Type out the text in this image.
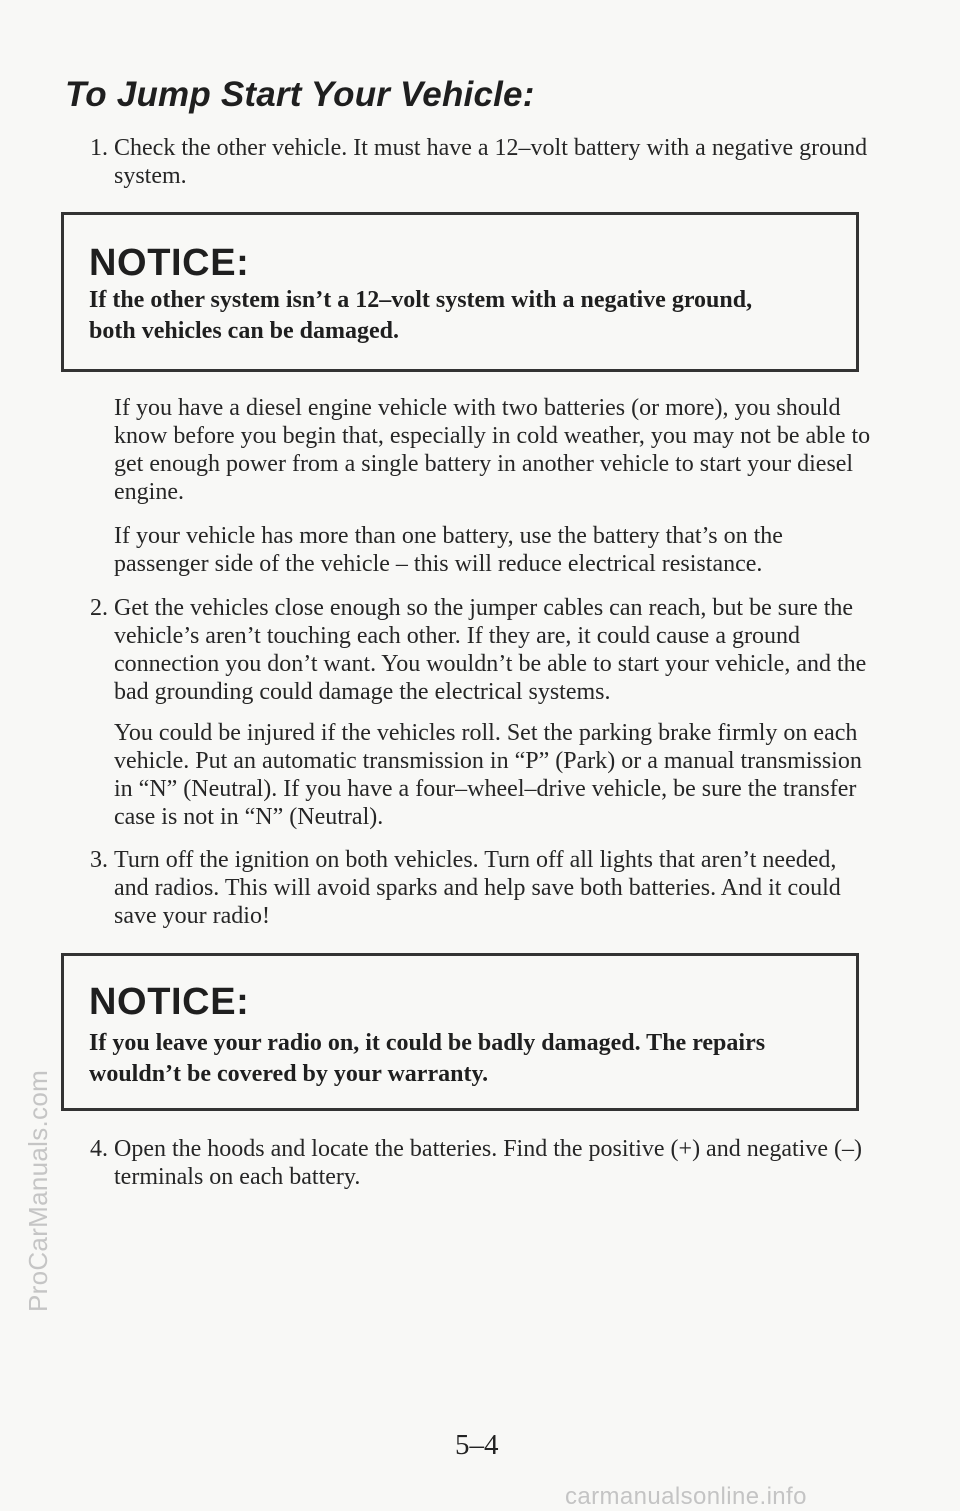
ProCarManuals.com
To Jump Start Your Vehicle:
1. Check the other vehicle. It must have a 12–volt battery with a negative ground system.
NOTICE:
If the other system isn’t a 12–volt system with a negative ground, both vehicles can be damaged.
If you have a diesel engine vehicle with two batteries (or more), you should know before you begin that, especially in cold weather, you may not be able to get enough power from a single battery in another vehicle to start your diesel engine.
If your vehicle has more than one battery, use the battery that’s on the passenger side of the vehicle – this will reduce electrical resistance.
2. Get the vehicles close enough so the jumper cables can reach, but be sure the vehicle’s aren’t touching each other. If they are, it could cause a ground connection you don’t want. You wouldn’t be able to start your vehicle, and the bad grounding could damage the electrical systems.
You could be injured if the vehicles roll. Set the parking brake firmly on each vehicle. Put an automatic transmission in “P” (Park) or a manual transmission in “N” (Neutral). If you have a four–wheel–drive vehicle, be sure the transfer case is not in “N” (Neutral).
3. Turn off the ignition on both vehicles. Turn off all lights that aren’t needed, and radios. This will avoid sparks and help save both batteries. And it could save your radio!
NOTICE:
If you leave your radio on, it could be badly damaged. The repairs wouldn’t be covered by your warranty.
4. Open the hoods and locate the batteries. Find the positive (+) and negative (–) terminals on each battery.
5–4
carmanualsonline.info
